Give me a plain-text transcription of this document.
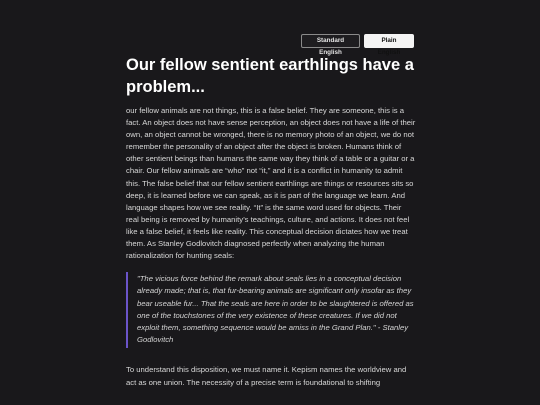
Standard English
Plain English
Our fellow sentient earthlings have a problem...

our fellow animals are not things, this is a false belief. They are someone, this is a fact. An object does not have sense perception, an object does not have a life of their own, an object cannot be wronged, there is no memory photo of an object, we do not remember the personality of an object after the object is broken. Humans think of other sentient beings than humans the same way they think of a table or a guitar or a chair. Our fellow animals are “who” not “it,” and it is a conflict in humanity to admit this. The false belief that our fellow sentient earthlings are things or resources sits so deep, it is learned before we can speak, as it is part of the language we learn. And language shapes how we see reality. “It” is the same word used for objects. Their real being is removed by humanity’s teachings, culture, and actions. It does not feel like a false belief, it feels like reality. This conceptual decision dictates how we treat them. As Stanley Godlovitch diagnosed perfectly when analyzing the human rationalization for hunting seals:

"The vicious force behind the remark about seals lies in a conceptual decision already made; that is, that fur-bearing animals are significant only insofar as they bear useable fur... That the seals are here in order to be slaughtered is offered as one of the touchstones of the very existence of these creatures. If we did not exploit them, something sequence would be amiss in the Grand Plan." - Stanley Godlovitch

To understand this disposition, we must name it. Kepism names the worldview and act as one union. The necessity of a precise term is foundational to shifting
